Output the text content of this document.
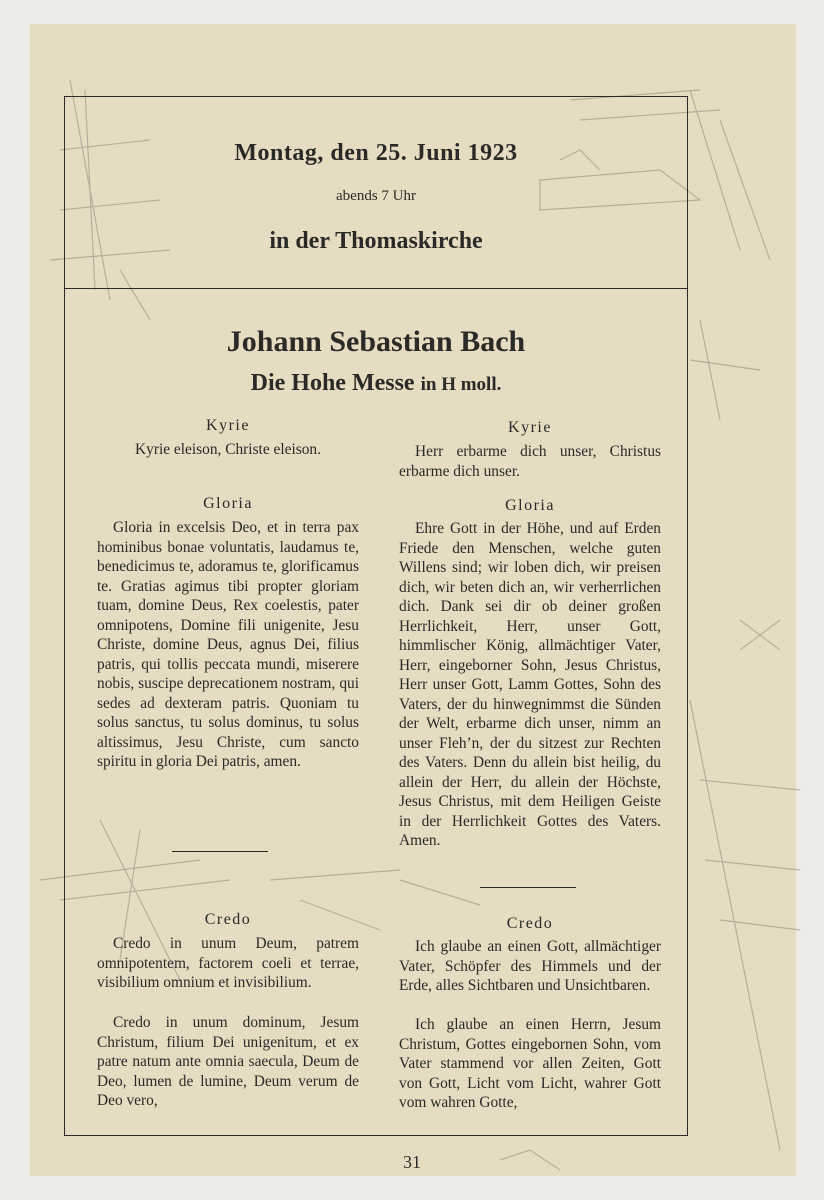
Montag, den 25. Juni 1923
abends 7 Uhr
in der Thomaskirche
Johann Sebastian Bach
Die Hohe Messe in H moll.
Kyrie
Kyrie eleison, Christe eleison.
Gloria
Gloria in excelsis Deo, et in terra pax hominibus bonae voluntatis, laudamus te, benedicimus te, adoramus te, glorificamus te. Gratias agimus tibi propter gloriam tuam, domine Deus, Rex coelestis, pater omnipotens, Domine fili unigenite, Jesu Christe, domine Deus, agnus Dei, filius patris, qui tollis peccata mundi, miserere nobis, suscipe deprecationem nostram, qui sedes ad dexteram patris. Quoniam tu solus sanctus, tu solus dominus, tu solus altissimus, Jesu Christe, cum sancto spiritu in gloria Dei patris, amen.
Credo
Credo in unum Deum, patrem omnipotentem, factorem coeli et terrae, visibilium omnium et invisibilium.
Credo in unum dominum, Jesum Christum, filium Dei unigenitum, et ex patre natum ante omnia saecula, Deum de Deo, lumen de lumine, Deum verum de Deo vero,
Kyrie
Herr erbarme dich unser, Christus erbarme dich unser.
Gloria
Ehre Gott in der Höhe, und auf Erden Friede den Menschen, welche guten Willens sind; wir loben dich, wir preisen dich, wir beten dich an, wir verherrlichen dich. Dank sei dir ob deiner großen Herrlichkeit, Herr, unser Gott, himmlischer König, allmächtiger Vater, Herr, eingeborner Sohn, Jesus Christus, Herr unser Gott, Lamm Gottes, Sohn des Vaters, der du hinwegnimmst die Sünden der Welt, erbarme dich unser, nimm an unser Fleh’n, der du sitzest zur Rechten des Vaters. Denn du allein bist heilig, du allein der Herr, du allein der Höchste, Jesus Christus, mit dem Heiligen Geiste in der Herrlichkeit Gottes des Vaters. Amen.
Credo
Ich glaube an einen Gott, allmächtiger Vater, Schöpfer des Himmels und der Erde, alles Sichtbaren und Unsichtbaren.
Ich glaube an einen Herrn, Jesum Christum, Gottes eingebornen Sohn, vom Vater stammend vor allen Zeiten, Gott von Gott, Licht vom Licht, wahrer Gott vom wahren Gotte,
31
